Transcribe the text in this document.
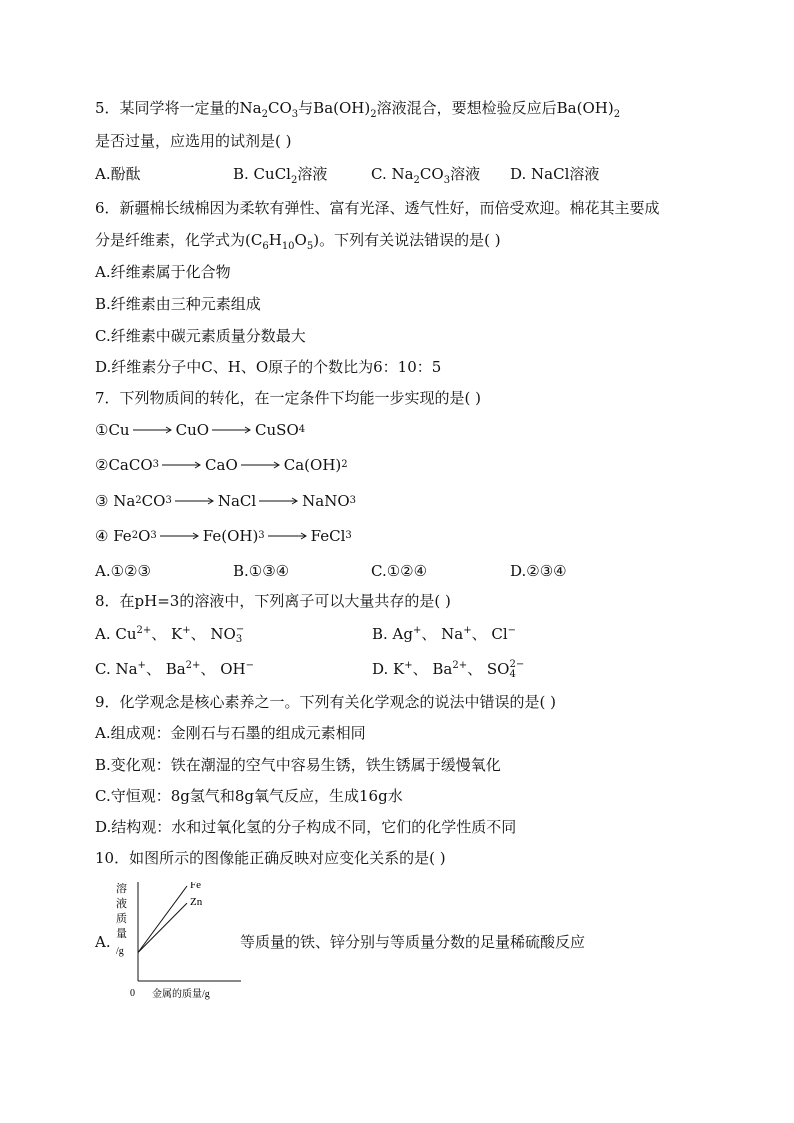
5．某同学将一定量的$Na_2CO_3$与$Ba(OH)_2$溶液混合，要想检验反应后$Ba(OH)_2$
是否过量，应选用的试剂是( )
A.酚酞	B. CuCl$_2$溶液	C. $Na_2CO_3$溶液 D. NaCl溶液
6．新疆棉长绒棉因为柔软有弹性、富有光泽、透气性好，而倍受欢迎。棉花其主要成
分是纤维素，化学式为$(C_6H_{10}O_5)$。下列有关说法错误的是( )
A.纤维素属于化合物
B.纤维素由三种元素组成
C.纤维素中碳元素质量分数最大
D.纤维素分子中C、H、O原子的个数比为6：10：5
7．下列物质间的转化，在一定条件下均能一步实现的是( )
①Cu	CuO	CuSO 4
②CaCO 3	CaO	Ca(OH) 2
③ Na 2 CO 3	NaCl	NaNO 3
④ Fe 2 O 3	Fe(OH) 3	FeCl 3
A.①②③	B.①③④	C.①②④	D.②③④
8．在pH=3的溶液中，下列离子可以大量共存的是( )
A. $Cu^{2+}$、 K+、 NO −
3	B. Ag+、 Na+、 Cl−
C. Na+、 $Ba^{2+}$、 OH−	D. K+、 $Ba^{2+}$、 SO 2−
4
9．化学观念是核心素养之一。下列有关化学观念的说法中错误的是( )
A.组成观：金刚石与石墨的组成元素相同
B.变化观：铁在潮湿的空气中容易生锈，铁生锈属于缓慢氧化
C.守恒观：8g氢气和8g氧气反应，生成16g水
D.结构观：水和过氧化氢的分子构成不同，它们的化学性质不同
10．如图所示的图像能正确反映对应变化关系的是( )
A.
溶
液
质
量
/g
0 金属的质量/g
Fe
Zn
等质量的铁、锌分别与等质量分数的足量稀硫酸反应
